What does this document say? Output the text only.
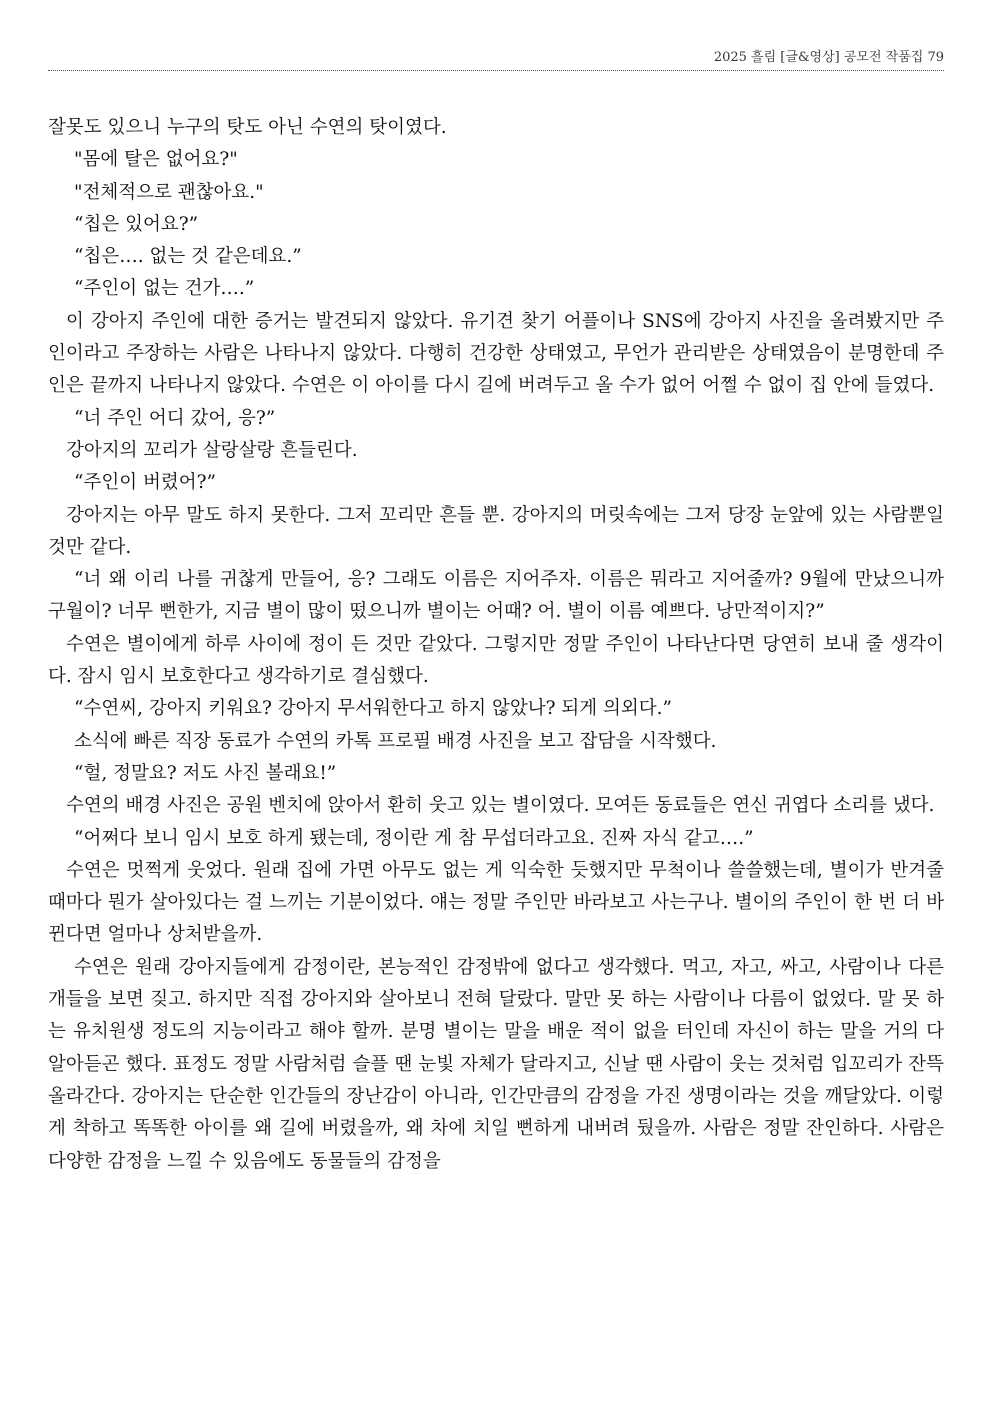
2025 흘림 [글&영상] 공모전 작품집 79

잘못도 있으니 누구의 탓도 아닌 수연의 탓이였다.

"몸에 탈은 없어요?"

"전체적으로 괜찮아요."

“칩은 있어요?”

“칩은…. 없는 것 같은데요.”

“주인이 없는 건가….”

이 강아지 주인에 대한 증거는 발견되지 않았다. 유기견 찾기 어플이나 SNS에 강아지 사진을 올려봤지만 주인이라고 주장하는 사람은 나타나지 않았다. 다행히 건강한 상태였고, 무언가 관리받은 상태였음이 분명한데 주인은 끝까지 나타나지 않았다. 수연은 이 아이를 다시 길에 버려두고 올 수가 없어 어쩔 수 없이 집 안에 들였다.

“너 주인 어디 갔어, 응?”

강아지의 꼬리가 살랑살랑 흔들린다.

“주인이 버렸어?”

강아지는 아무 말도 하지 못한다. 그저 꼬리만 흔들 뿐. 강아지의 머릿속에는 그저 당장 눈앞에 있는 사람뿐일 것만 같다.

“너 왜 이리 나를 귀찮게 만들어, 응? 그래도 이름은 지어주자. 이름은 뭐라고 지어줄까? 9월에 만났으니까 구월이? 너무 뻔한가, 지금 별이 많이 떴으니까 별이는 어때? 어. 별이 이름 예쁘다. 낭만적이지?”

수연은 별이에게 하루 사이에 정이 든 것만 같았다. 그렇지만 정말 주인이 나타난다면 당연히 보내 줄 생각이다. 잠시 임시 보호한다고 생각하기로 결심했다.

“수연씨, 강아지 키워요? 강아지 무서워한다고 하지 않았나? 되게 의외다.”

소식에 빠른 직장 동료가 수연의 카톡 프로필 배경 사진을 보고 잡담을 시작했다.

“헐, 정말요? 저도 사진 볼래요!”

수연의 배경 사진은 공원 벤치에 앉아서 환히 웃고 있는 별이였다. 모여든 동료들은 연신 귀엽다 소리를 냈다.

“어쩌다 보니 임시 보호 하게 됐는데, 정이란 게 참 무섭더라고요. 진짜 자식 같고….”

수연은 멋쩍게 웃었다. 원래 집에 가면 아무도 없는 게 익숙한 듯했지만 무척이나 쓸쓸했는데, 별이가 반겨줄 때마다 뭔가 살아있다는 걸 느끼는 기분이었다. 얘는 정말 주인만 바라보고 사는구나. 별이의 주인이 한 번 더 바뀐다면 얼마나 상처받을까.

수연은 원래 강아지들에게 감정이란, 본능적인 감정밖에 없다고 생각했다. 먹고, 자고, 싸고, 사람이나 다른 개들을 보면 짖고. 하지만 직접 강아지와 살아보니 전혀 달랐다. 말만 못 하는 사람이나 다름이 없었다. 말 못 하는 유치원생 정도의 지능이라고 해야 할까. 분명 별이는 말을 배운 적이 없을 터인데 자신이 하는 말을 거의 다 알아듣곤 했다. 표정도 정말 사람처럼 슬플 땐 눈빛 자체가 달라지고, 신날 땐 사람이 웃는 것처럼 입꼬리가 잔뜩 올라간다. 강아지는 단순한 인간들의 장난감이 아니라, 인간만큼의 감정을 가진 생명이라는 것을 깨달았다. 이렇게 착하고 똑똑한 아이를 왜 길에 버렸을까, 왜 차에 치일 뻔하게 내버려 뒀을까. 사람은 정말 잔인하다. 사람은 다양한 감정을 느낄 수 있음에도 동물들의 감정을
